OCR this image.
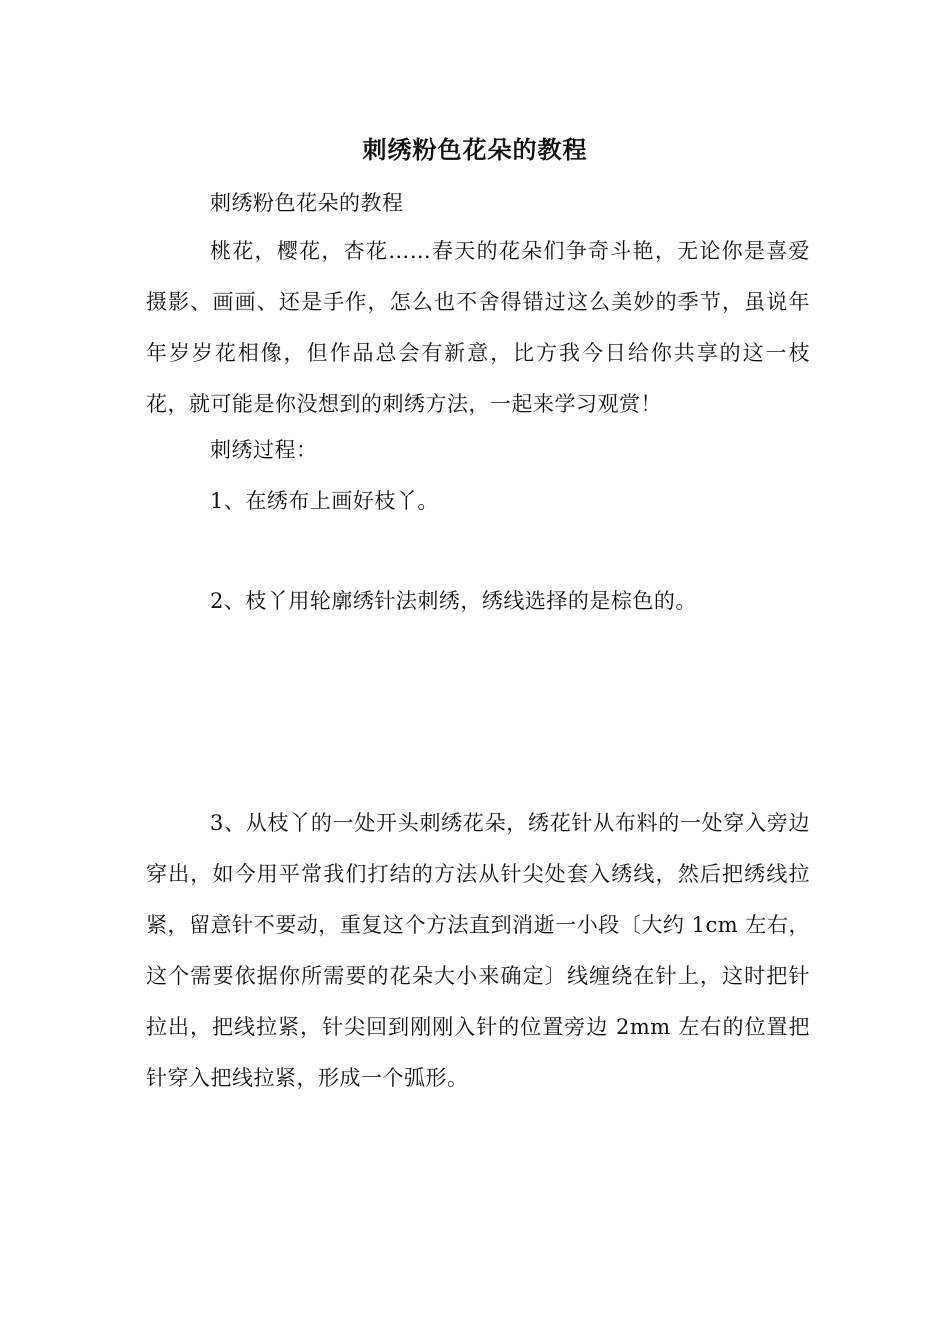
刺绣粉色花朵的教程

刺绣粉色花朵的教程

桃花，樱花，杏花……春天的花朵们争奇斗艳，无论你是喜爱摄影、画画、还是手作，怎么也不舍得错过这么美妙的季节，虽说年年岁岁花相像，但作品总会有新意，比方我今日给你共享的这一枝花，就可能是你没想到的刺绣方法，一起来学习观赏！

刺绣过程：

1、在绣布上画好枝丫。

2、枝丫用轮廓绣针法刺绣，绣线选择的是棕色的。

3、从枝丫的一处开头刺绣花朵，绣花针从布料的一处穿入旁边穿出，如今用平常我们打结的方法从针尖处套入绣线，然后把绣线拉紧，留意针不要动，重复这个方法直到消逝一小段〔大约 1cm 左右，这个需要依据你所需要的花朵大小来确定〕线缠绕在针上，这时把针拉出，把线拉紧，针尖回到刚刚入针的位置旁边 2mm 左右的位置把针穿入把线拉紧，形成一个弧形。
